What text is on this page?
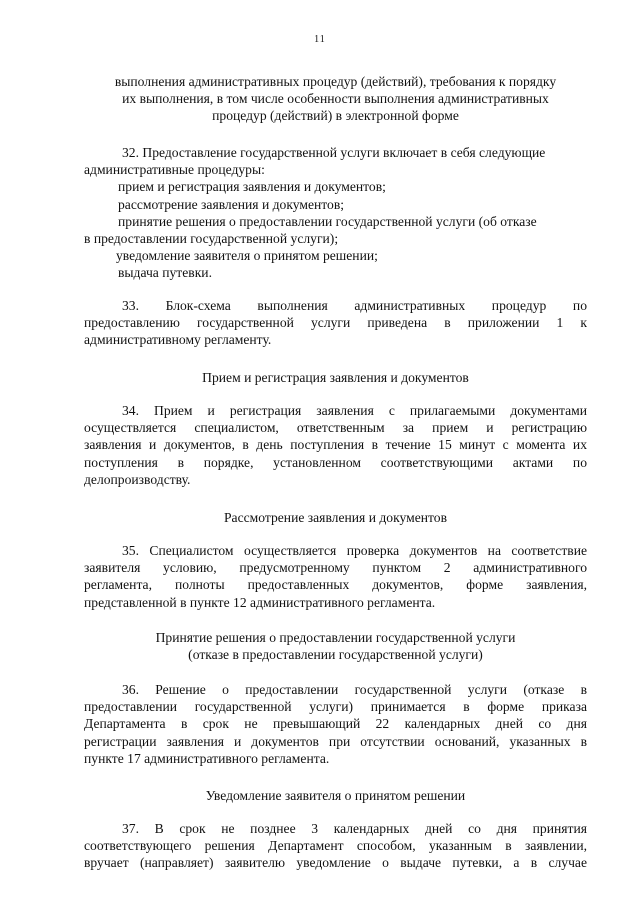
11
выполнения административных процедур (действий), требования к порядку
их выполнения, в том числе особенности выполнения административных
процедур (действий) в электронной форме
32. Предоставление государственной услуги включает в себя следующие
административные процедуры:
прием и регистрация заявления и документов;
рассмотрение заявления и документов;
принятие решения о предоставлении государственной услуги (об отказе
в предоставлении государственной услуги);
уведомление заявителя о принятом решении;
выдача путевки.
33. Блок-схема выполнения административных процедур по
предоставлению государственной услуги приведена в приложении 1 к
административному регламенту.
Прием и регистрация заявления и документов
34. Прием и регистрация заявления с прилагаемыми документами
осуществляется специалистом, ответственным за прием и регистрацию
заявления и документов, в день поступления в течение 15 минут с момента их
поступления в порядке, установленном соответствующими актами по
делопроизводству.
Рассмотрение заявления и документов
35. Специалистом осуществляется проверка документов на соответствие
заявителя условию, предусмотренному пунктом 2 административного
регламента, полноты предоставленных документов, форме заявления,
представленной в пункте 12 административного регламента.
Принятие решения о предоставлении государственной услуги
(отказе в предоставлении государственной услуги)
36. Решение о предоставлении государственной услуги (отказе в
предоставлении государственной услуги) принимается в форме приказа
Департамента в срок не превышающий 22 календарных дней со дня
регистрации заявления и документов при отсутствии оснований, указанных в
пункте 17 административного регламента.
Уведомление заявителя о принятом решении
37. В срок не позднее 3 календарных дней со дня принятия
соответствующего решения Департамент способом, указанным в заявлении,
вручает (направляет) заявителю уведомление о выдаче путевки, а в случае
